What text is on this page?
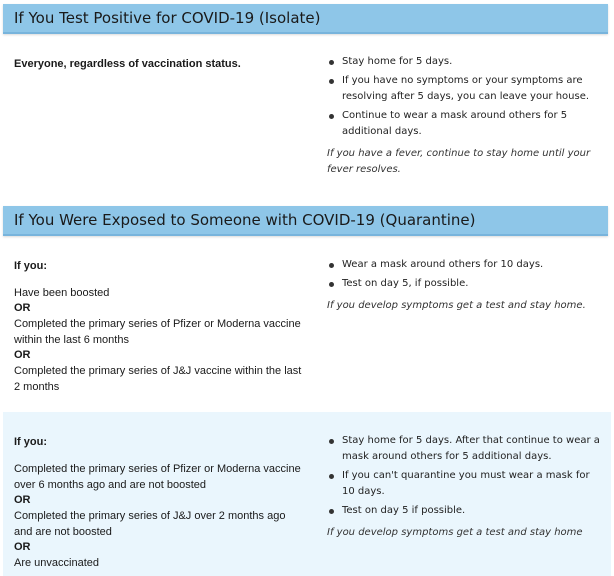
If You Test Positive for COVID-19 (Isolate)
Everyone, regardless of vaccination status.	Stay home for 5 days.
If you have no symptoms or your symptoms are resolving after 5 days, you can leave your house.
Continue to wear a mask around others for 5 additional days.
If you have a fever, continue to stay home until your fever resolves.
If You Were Exposed to Someone with COVID-19 (Quarantine)
If you:
Have been boosted
OR
Completed the primary series of Pfizer or Moderna vaccine within the last 6 months
OR
Completed the primary series of J&J vaccine within the last 2 months
Wear a mask around others for 10 days.
Test on day 5, if possible.
If you develop symptoms get a test and stay home.
If you:
Completed the primary series of Pfizer or Moderna vaccine over 6 months ago and are not boosted
OR
Completed the primary series of J&J over 2 months ago and are not boosted
OR
Are unvaccinated
Stay home for 5 days. After that continue to wear a mask around others for 5 additional days.
If you can't quarantine you must wear a mask for 10 days.
Test on day 5 if possible.
If you develop symptoms get a test and stay home
